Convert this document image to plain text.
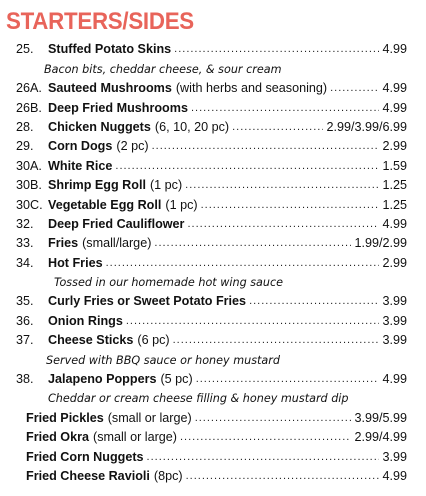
STARTERS/SIDES
25.	Stuffed Potato Skins .....	4.99
Bacon bits, cheddar cheese, & sour cream
26A. Sauteed Mushrooms (with herbs and seasoning) .....	4.99
26B. Deep Fried Mushrooms .....	4.99
28.	Chicken Nuggets (6, 10, 20 pc) .....	2.99/3.99/6.99
29.	Corn Dogs (2 pc) .....	2.99
30A. White Rice .....	1.59
30B. Shrimp Egg Roll (1 pc) .....	1.25
30C. Vegetable Egg Roll (1 pc) .....	1.25
32.	Deep Fried Cauliflower .....	4.99
33.	Fries (small/large) .....	1.99/2.99
34.	Hot Fries .....	2.99
Tossed in our homemade hot wing sauce
35.	Curly Fries or Sweet Potato Fries .....	3.99
36.	Onion Rings .....	3.99
37.	Cheese Sticks (6 pc) .....	3.99
Served with BBQ sauce or honey mustard
38.	Jalapeno Poppers (5 pc) .....	4.99
Cheddar or cream cheese filling & honey mustard dip
Fried Pickles (small or large) .....	3.99/5.99
Fried Okra (small or large) .....	2.99/4.99
Fried Corn Nuggets .....	3.99
Fried Cheese Ravioli (8pc) .....	4.99
